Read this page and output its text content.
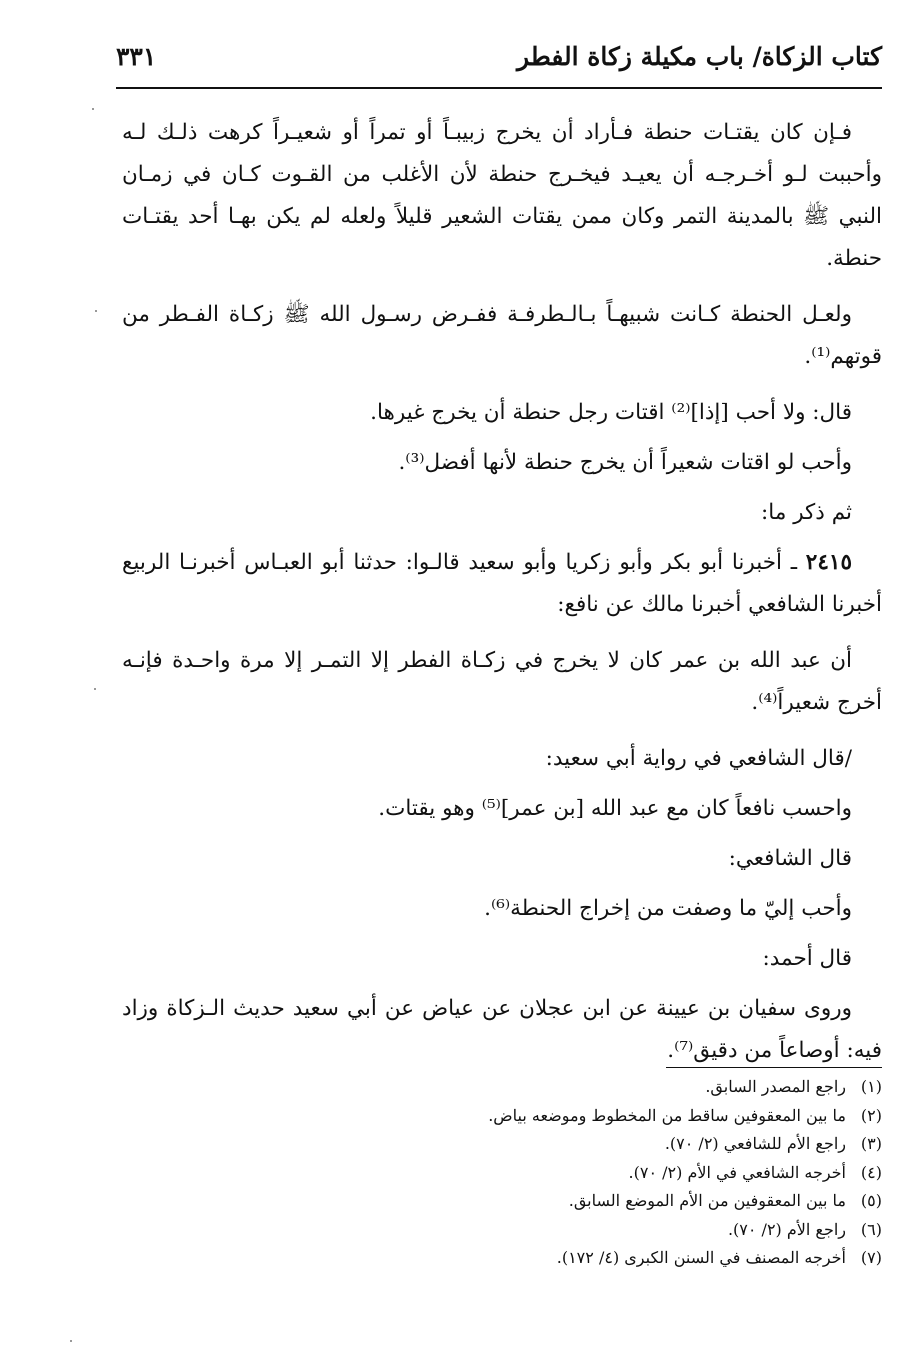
كتاب الزكاة/ باب مكيلة زكاة الفطر
٣٣١

فـإن كان يقتـات حنطة فـأراد أن يخرج زبيبـاً أو تمراً أو شعيـراً كرهت ذلـك لـه وأحببت لـو أخـرجـه أن يعيـد فيخـرج حنطة لأن الأغلب من القـوت كـان في زمـان النبي ﷺ بالمدينة التمر وكان ممن يقتات الشعير قليلاً ولعله لم يكن بهـا أحد يقتـات حنطة.

ولعـل الحنطة كـانت شبيهـاً بـالـطرفـة ففـرض رسـول الله ﷺ زكـاة الفـطر من قوتهم⁽¹⁾.

قال: ولا أحب [إذا]⁽²⁾ اقتات رجل حنطة أن يخرج غيرها.

وأحب لو اقتات شعيراً أن يخرج حنطة لأنها أفضل⁽³⁾.

ثم ذكر ما:

٢٤١٥ ـ أخبرنا أبو بكر وأبو زكريا وأبو سعيد قالـوا: حدثنا أبو العبـاس أخبرنـا الربيع أخبرنا الشافعي أخبرنا مالك عن نافع:

أن عبد الله بن عمر كان لا يخرج في زكـاة الفطر إلا التمـر إلا مرة واحـدة فإنـه أخرج شعيراً⁽⁴⁾.

/قال الشافعي في رواية أبي سعيد:

واحسب نافعاً كان مع عبد الله [بن عمر]⁽⁵⁾ وهو يقتات.

قال الشافعي:

وأحب إليّ ما وصفت من إخراج الحنطة⁽⁶⁾.

قال أحمد:

وروى سفيان بن عيينة عن ابن عجلان عن عياض عن أبي سعيد حديث الـزكاة وزاد فيه: أوصاعاً من دقيق⁽⁷⁾.

(١)راجع المصدر السابق.
(٢)ما بين المعقوفين ساقط من المخطوط وموضعه بياض.
(٣)راجع الأم للشافعي (٢/ ٧٠).
(٤)أخرجه الشافعي في الأم (٢/ ٧٠).
(٥)ما بين المعقوفين من الأم الموضع السابق.
(٦)راجع الأم (٢/ ٧٠).
(٧)أخرجه المصنف في السنن الكبرى (٤/ ١٧٢).
